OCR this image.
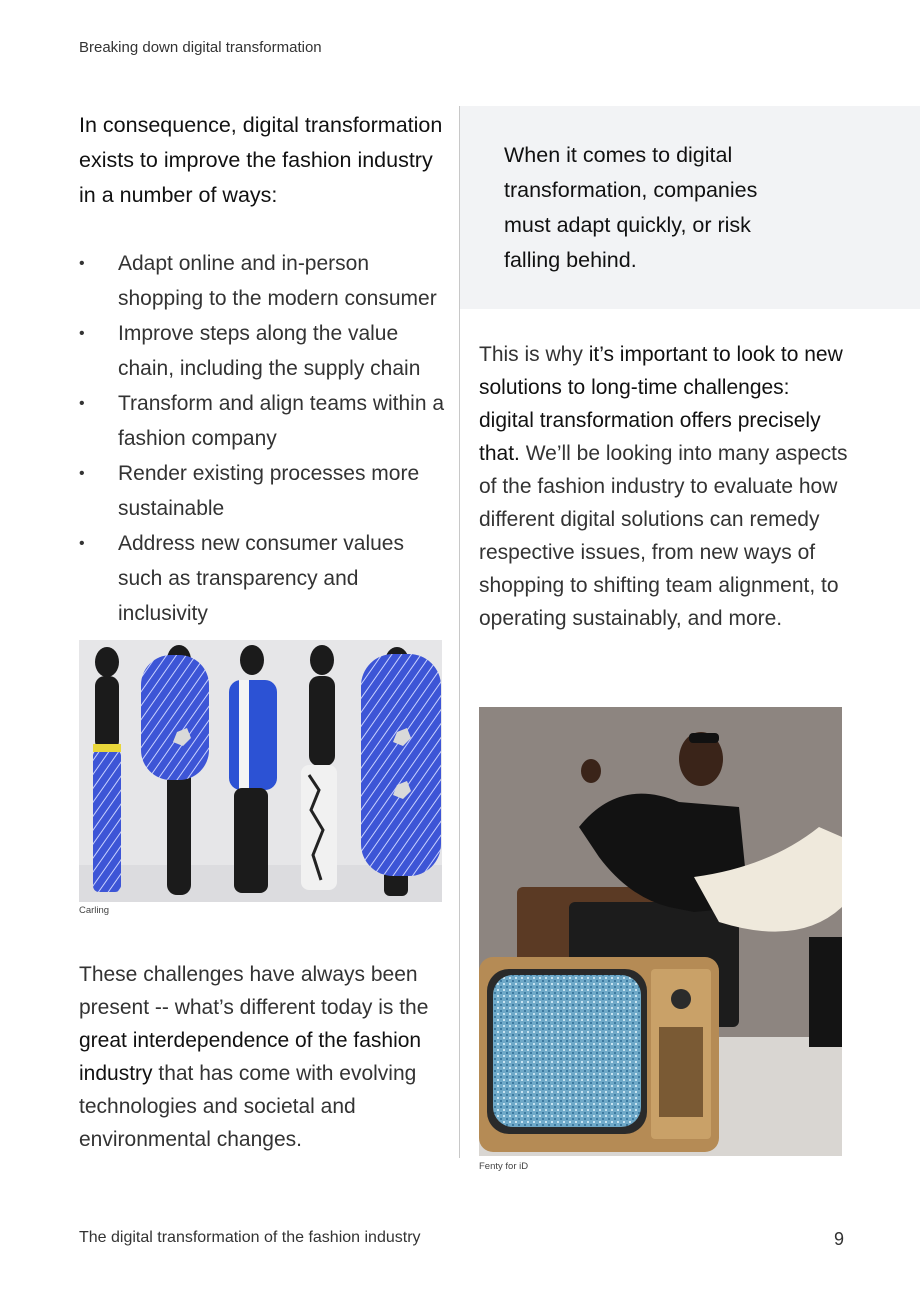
Breaking down digital transformation
In consequence, digital transformation exists to improve the fashion industry in a number of ways:
• Adapt online and in-person shopping to the modern consumer
• Improve steps along the value chain, including the supply chain
• Transform and align teams within a fashion company
• Render existing processes more sustainable
• Address new consumer values such as transparency and inclusivity
When it comes to digital transformation, companies must adapt quickly, or risk falling behind.
This is why it’s important to look to new solutions to long-time challenges: digital transformation offers precisely that. We’ll be looking into many aspects of the fashion industry to evaluate how different digital solutions can remedy respective issues, from new ways of shopping to shifting team alignment, to operating sustainably, and more.
Carling
These challenges have always been present -- what’s different today is the great interdependence of the fashion industry that has come with evolving technologies and societal and environmental changes.
Fenty for iD
The digital transformation of the fashion industry	9
